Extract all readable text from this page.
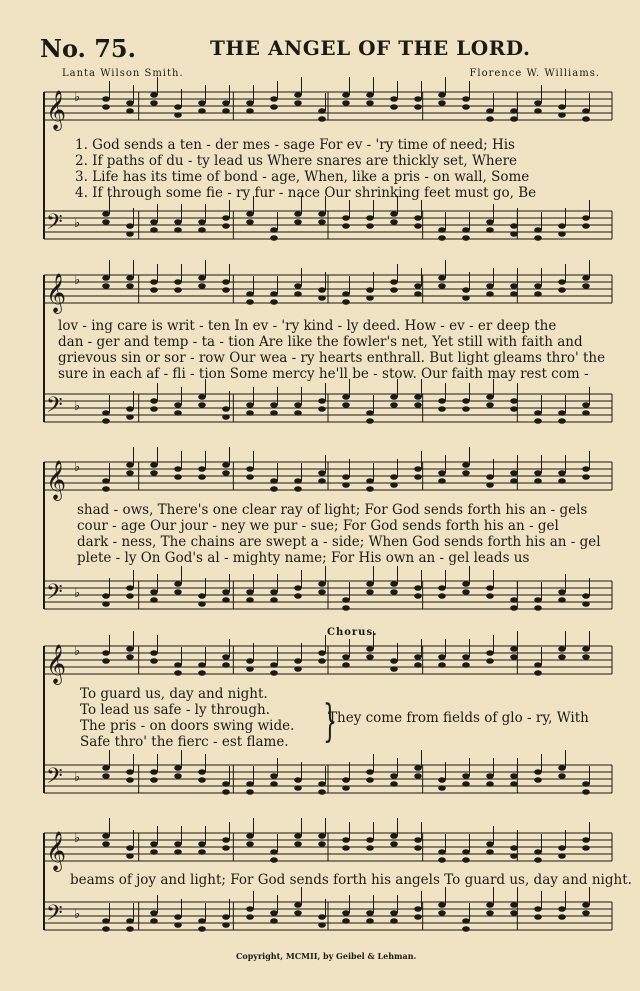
No. 75.	THE ANGEL OF THE LORD.
Lanta Wilson Smith.	Florence W. Williams.
𝄞 ♭
𝄢 ♭
𝄞 ♭
𝄢 ♭
𝄞 ♭
𝄢 ♭
𝄞 ♭
𝄢 ♭
𝄞 ♭
𝄢 ♭
1. God sends a ten - der mes - sage For ev - 'ry time of need; His
2. If paths of du - ty lead us Where snares are thickly set, Where
3. Life has its time of bond - age, When, like a pris - on wall, Some
4. If through some fie - ry fur - nace Our shrinking feet must go, Be
lov - ing care is writ - ten In ev - 'ry kind - ly deed. How - ev - er deep the
dan - ger and temp - ta - tion Are like the fowler's net, Yet still with faith and
grievous sin or sor - row Our wea - ry hearts enthrall. But light gleams thro' the
sure in each af - fli - tion Some mercy he'll be - stow. Our faith may rest com -
shad - ows, There's one clear ray of light; For God sends forth his an - gels
cour - age Our jour - ney we pur - sue; For God sends forth his an - gel
dark - ness, The chains are swept a - side; When God sends forth his an - gel
plete - ly On God's al - mighty name; For His own an - gel leads us
Chorus.
To guard us, day and night.
To lead us safe - ly through.
The pris - on doors swing wide.
Safe thro' the fierc - est flame. }
They come from fields of glo - ry, With
beams of joy and light; For God sends forth his angels To guard us, day and night.
Copyright, MCMII, by Geibel & Lehman.
